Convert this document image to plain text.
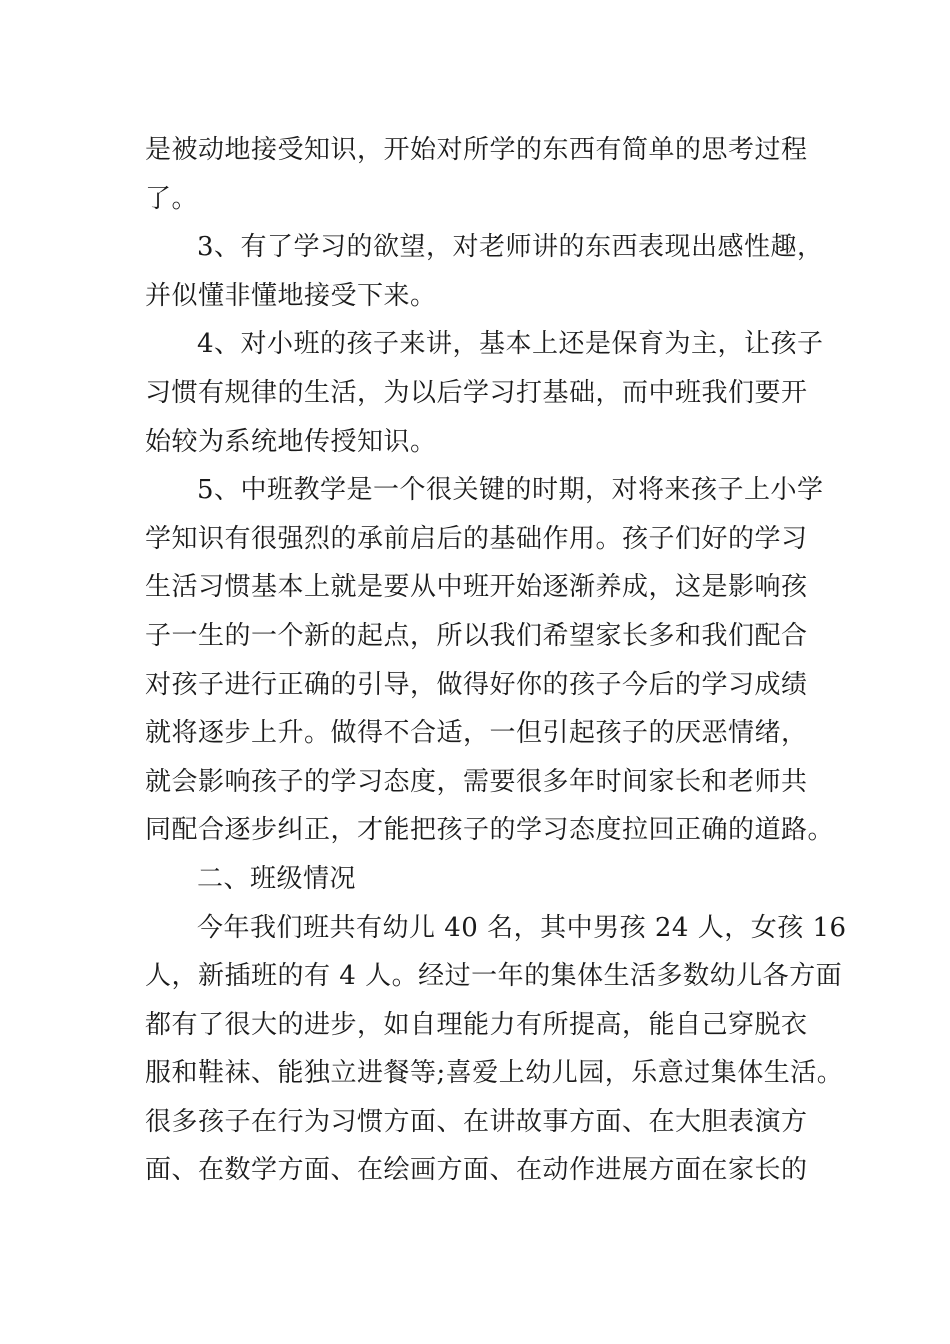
是被动地接受知识，开始对所学的东西有简单的思考过程
了。
3、有了学习的欲望，对老师讲的东西表现出感性趣，
并似懂非懂地接受下来。
4、对小班的孩子来讲，基本上还是保育为主，让孩子
习惯有规律的生活，为以后学习打基础，而中班我们要开
始较为系统地传授知识。
5、中班教学是一个很关键的时期，对将来孩子上小学
学知识有很强烈的承前启后的基础作用。孩子们好的学习
生活习惯基本上就是要从中班开始逐渐养成，这是影响孩
子一生的一个新的起点，所以我们希望家长多和我们配合
对孩子进行正确的引导，做得好你的孩子今后的学习成绩
就将逐步上升。做得不合适，一但引起孩子的厌恶情绪，
就会影响孩子的学习态度，需要很多年时间家长和老师共
同配合逐步纠正，才能把孩子的学习态度拉回正确的道路。
二、班级情况
今年我们班共有幼儿 40 名，其中男孩 24 人，女孩 16
人，新插班的有 4 人。经过一年的集体生活多数幼儿各方面
都有了很大的进步，如自理能力有所提高，能自己穿脱衣
服和鞋袜、能独立进餐等;喜爱上幼儿园，乐意过集体生活。
很多孩子在行为习惯方面、在讲故事方面、在大胆表演方
面、在数学方面、在绘画方面、在动作进展方面在家长的
